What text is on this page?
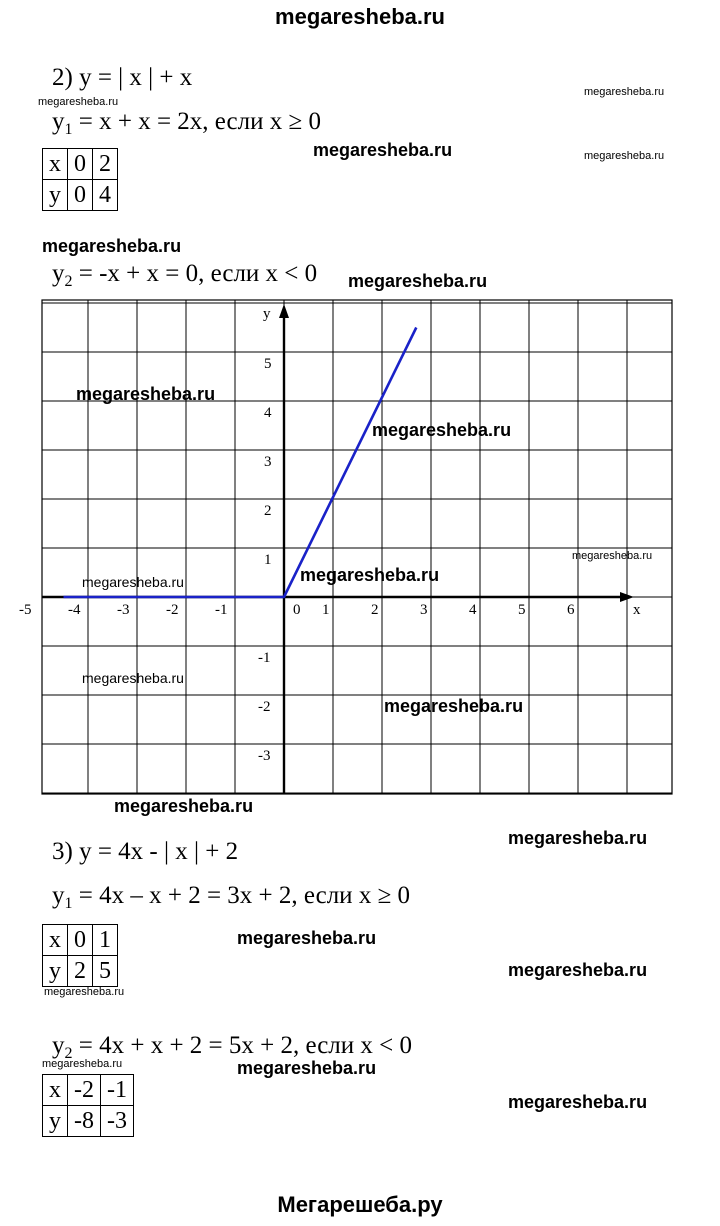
megaresheba.ru
2) y = | x | + x
$y_1 = x + x = 2x$, если x ≥ 0
x	0	2
y	0	4
$y_2 = -x + x = 0$, если x < 0
-5 -4 -3 -2 -1	0 1	2	3	4	5	6
5
4
3
2
1
-1
-2
-3
x
y
megaresheba.ru
megaresheba.ru
megaresheba.ru	megaresheba.ru
megaresheba.ru
megaresheba.ru
megaresheba.ru
megaresheba.ru
megaresheba.ru
megaresheba.ru
megaresheba.ru
megaresheba.ru
megaresheba.ru
megaresheba.ru
megaresheba.ru
megaresheba.ru
megaresheba.ru
megaresheba.ru
megaresheba.ru	megaresheba.ru
megaresheba.ru
3) y = 4x - | x | + 2
$y_1 = 4x - x + 2 = 3x + 2$, если x ≥ 0
x	0	1
y	2	5
$y_2 = 4x + x + 2 = 5x + 2$, если x < 0
x	-2	-1
y	-8	-3
Мегарешеба.ру
